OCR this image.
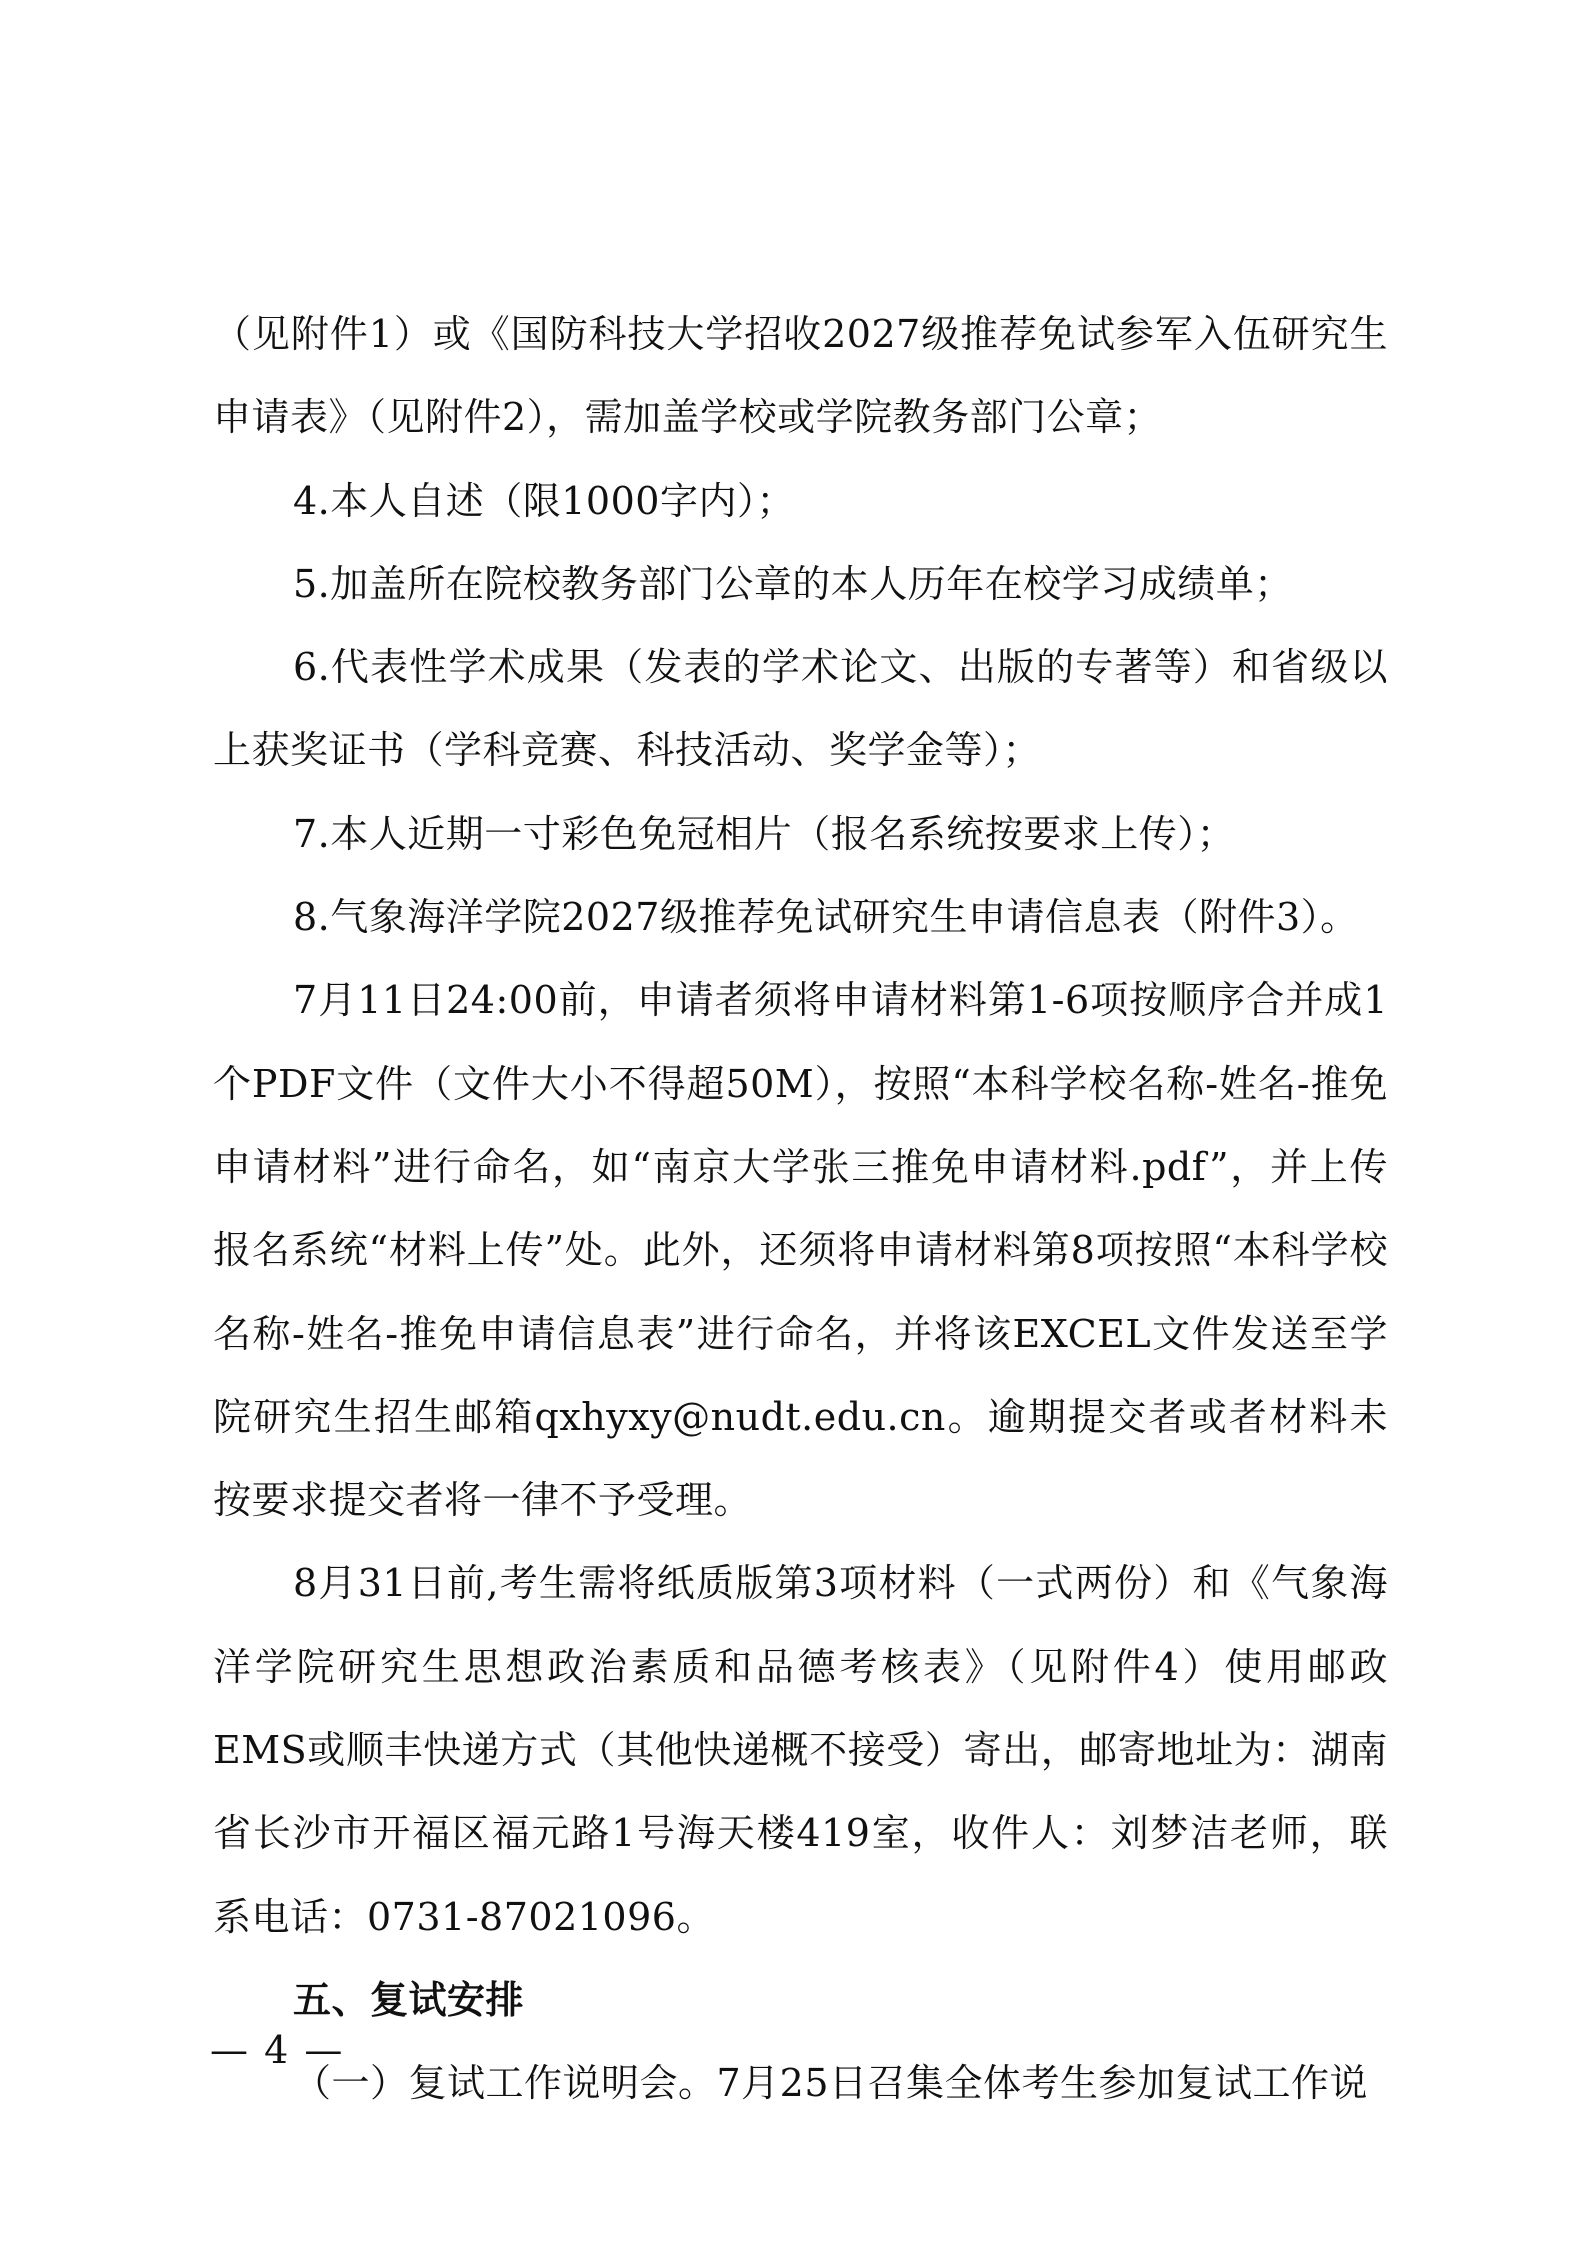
（见附件1）或《国防科技大学招收2027级推荐免试参军入伍研究生申请表》（见附件2），需加盖学校或学院教务部门公章；

4.本人自述（限1000字内）；

5.加盖所在院校教务部门公章的本人历年在校学习成绩单；

6.代表性学术成果（发表的学术论文、出版的专著等）和省级以上获奖证书（学科竞赛、科技活动、奖学金等）；

7.本人近期一寸彩色免冠相片（报名系统按要求上传）；

8.气象海洋学院2027级推荐免试研究生申请信息表（附件3）。

7月11日24:00前，申请者须将申请材料第1-6项按顺序合并成1个PDF文件（文件大小不得超50M），按照“本科学校名称-姓名-推免申请材料”进行命名，如“南京大学张三推免申请材料.pdf”，并上传报名系统“材料上传”处。此外，还须将申请材料第8项按照“本科学校名称-姓名-推免申请信息表”进行命名，并将该EXCEL文件发送至学院研究生招生邮箱qxhyxy@nudt.edu.cn。逾期提交者或者材料未按要求提交者将一律不予受理。

8月31日前,考生需将纸质版第3项材料（一式两份）和《气象海洋学院研究生思想政治素质和品德考核表》（见附件4）使用邮政EMS或顺丰快递方式（其他快递概不接受）寄出，邮寄地址为：湖南省长沙市开福区福元路1号海天楼419室，收件人：刘梦洁老师，联系电话：0731-87021096。

五、复试安排

（一）复试工作说明会。7月25日召集全体考生参加复试工作说

— 4 —
